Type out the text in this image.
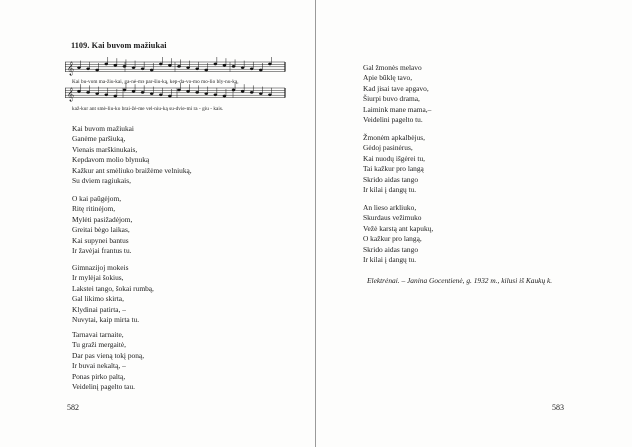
1109. Kai buvom mažiukai
𝄞
𝄞
Kai bu-vom ma-žiu-kai, ga-nė-mэ par-šiu-ką, kep-da-vo-mo mo-lio bly-nu-ką,
kaž-kur ant smė-liu-ko brai-žė-me vel-niu-ką su-dvie-mi ra - giu - kais.
Kai buvom mažiukai
Ganėme paršiuką,
Vienais marškinukais,
Kepdavom molio blynuką
Kažkur ant smėliuko braižėme velniuką,
Su dviem ragiukais,
O kai paūgėjom,
Ritę ritinėjom,
Mylėti pasižadėjom,
Greitai bėgo laikas,
Kai supynei bantus
Ir žavėjai frantus tu.
Gimnazijoj mokeis
Ir mylėjai šokius,
Lakstei tango, šokai rumbą,
Gal likimo skirta,
Klydinai patirta, –
Nuvytai, kaip mirta tu.
Tarnavai tarnaite,
Tu graži mergaitė,
Dar pas vieną tokį poną,
Ir buvai nekaltą, –
Ponas pirko paltą,
Veidelinį pagelto tau.
582
Gal žmonės melavo
Apie būklę tavo,
Kad jisai tave apgavo,
Šiurpi buvo drama,
Laimink mane mama,–
Veidelini pagelto tu.
Žmonėm apkalbėjus,
Gėdoj pasinėrus,
Kai nuodų išgėrei tu,
Tai kažkur pro langą
Skrido aidas tango
Ir kilai į dangų tu.
An lieso arkliuko,
Skurdaus vežimuko
Vežė karstą ant kapukų,
O kažkur pro langą,
Skrido aidas tango
Ir kilai į dangų tu.
583
Elektrėnai. – Janina Gocentienė, g. 1932 m., kilusi iš Kaukų k.
